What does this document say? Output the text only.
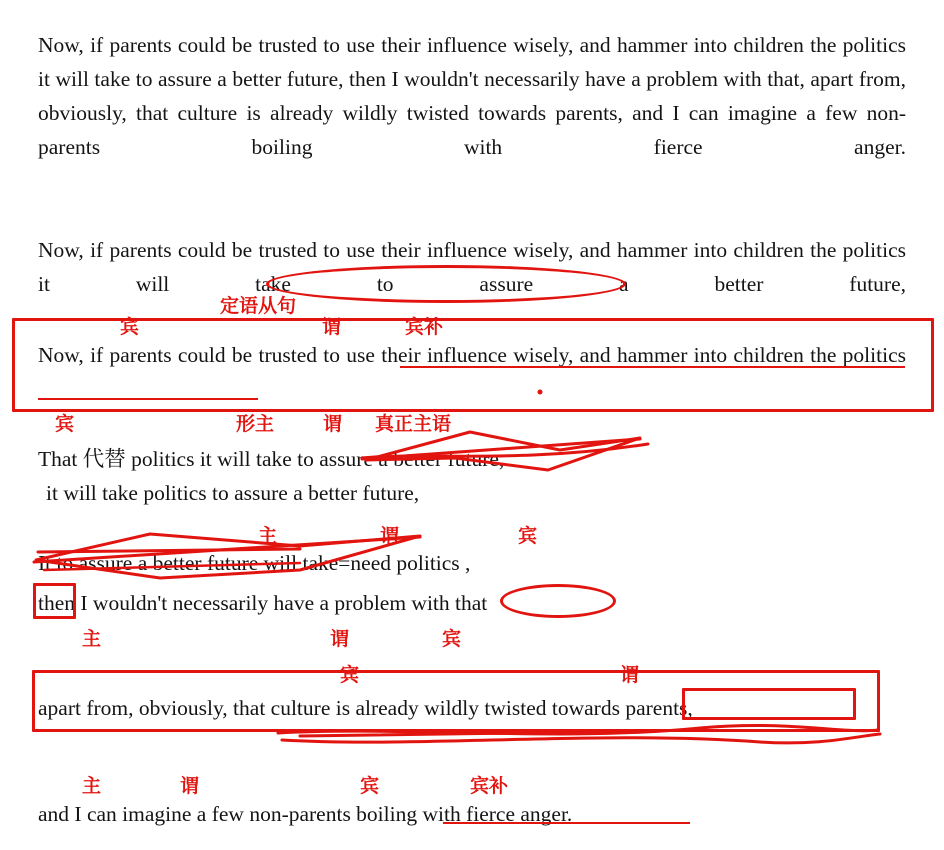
Now, if parents could be trusted to use their influence wisely, and hammer into children the politics it will take to assure a better future, then I wouldn't necessarily have a problem with that, apart from, obviously, that culture is already wildly twisted towards parents, and I can imagine a few non-parents boiling with fierce anger.
Now, if parents could be trusted to use their influence wisely, and hammer into children the politics it will take to assure a better future,
Now, if parents could be trusted to use their influence wisely, and hammer into children the politics
That 代替 politics it will take to assure a better future,
it will take politics to assure a better future,
It to assure a better future will take=need politics ,
then I wouldn't necessarily have a problem with that
apart from, obviously, that culture is already wildly twisted towards parents,
and I can imagine a few non-parents boiling with fierce anger.
定语从句
宾	谓	宾补
宾	形主	谓 真正主语
主	谓	宾
主	谓	宾
宾	谓
主	谓	宾	宾补
